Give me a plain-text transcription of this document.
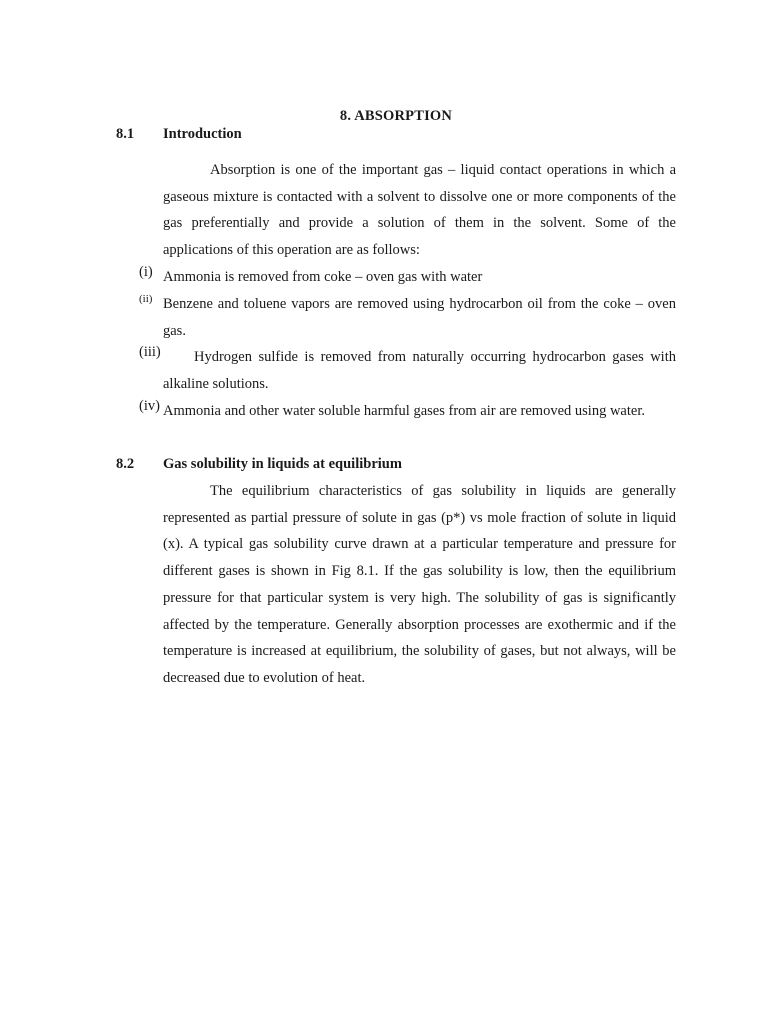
8. ABSORPTION
8.1 Introduction

Absorption is one of the important gas – liquid contact operations in which a gaseous mixture is contacted with a solvent to dissolve one or more components of the gas preferentially and provide a solution of them in the solvent. Some of the applications of this operation are as follows:

(i) Ammonia is removed from coke – oven gas with water

(ii) Benzene and toluene vapors are removed using hydrocarbon oil from the coke – oven gas.

(iii)	Hydrogen sulfide is removed from naturally occurring hydrocarbon gases with alkaline solutions.

(iv) Ammonia and other water soluble harmful gases from air are removed using water.

8.2 Gas solubility in liquids at equilibrium

The equilibrium characteristics of gas solubility in liquids are generally represented as partial pressure of solute in gas (p*) vs mole fraction of solute in liquid (x). A typical gas solubility curve drawn at a particular temperature and pressure for different gases is shown in Fig 8.1. If the gas solubility is low, then the equilibrium pressure for that particular system is very high. The solubility of gas is significantly affected by the temperature. Generally absorption processes are exothermic and if the temperature is increased at equilibrium, the solubility of gases, but not always, will be decreased due to evolution of heat.
